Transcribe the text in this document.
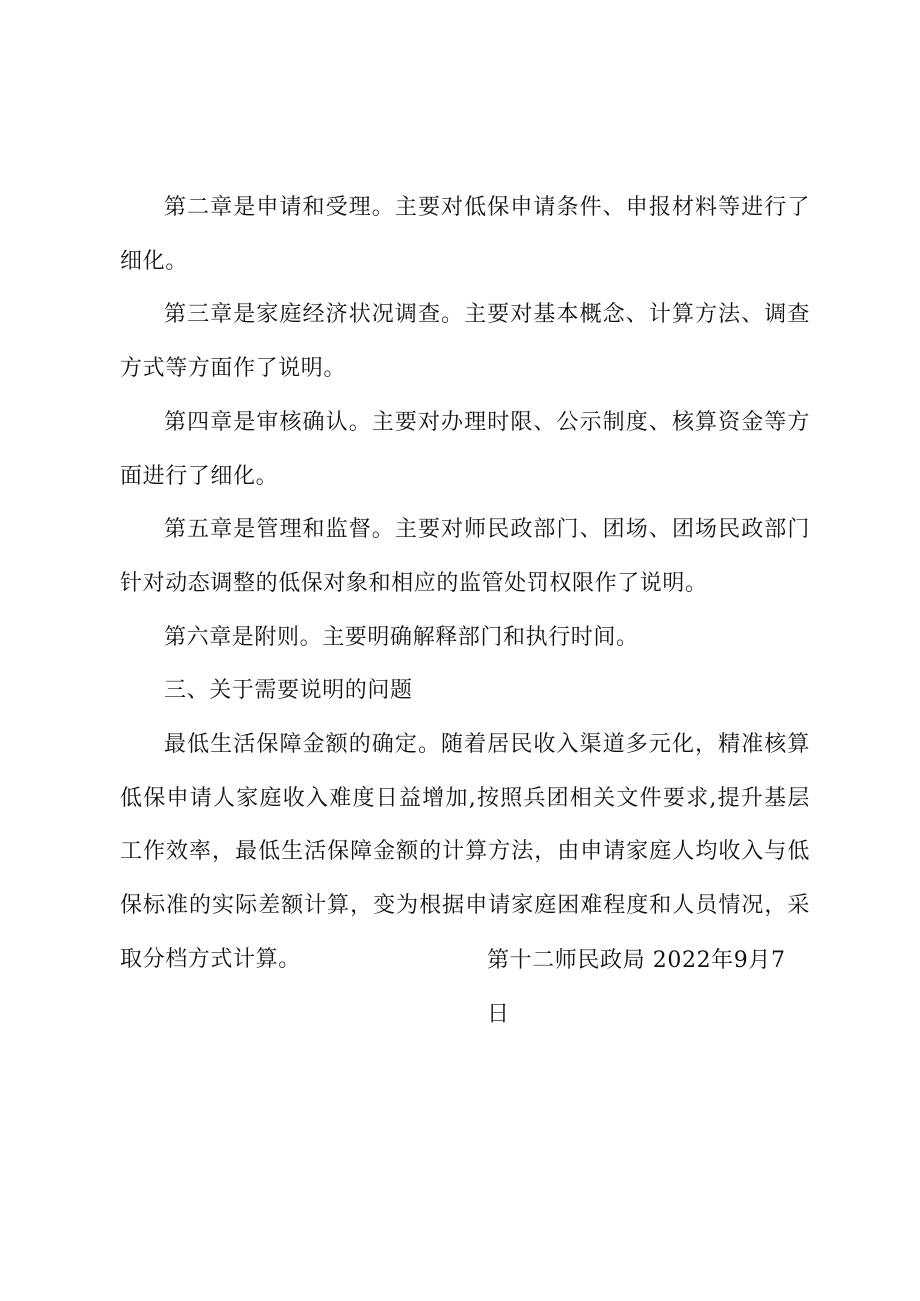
第二章是申请和受理。主要对低保申请条件、申报材料等进行了细化。

第三章是家庭经济状况调查。主要对基本概念、计算方法、调查方式等方面作了说明。

第四章是审核确认。主要对办理时限、公示制度、核算资金等方面进行了细化。

第五章是管理和监督。主要对师民政部门、团场、团场民政部门针对动态调整的低保对象和相应的监管处罚权限作了说明。

第六章是附则。主要明确解释部门和执行时间。

三、关于需要说明的问题

最低生活保障金额的确定。随着居民收入渠道多元化，精准核算低保申请人家庭收入难度日益增加,按照兵团相关文件要求,提升基层工作效率，最低生活保障金额的计算方法，由申请家庭人均收入与低保标准的实际差额计算，变为根据申请家庭困难程度和人员情况，采取分档方式计算。	第十二师民政局 2022年9月7日
